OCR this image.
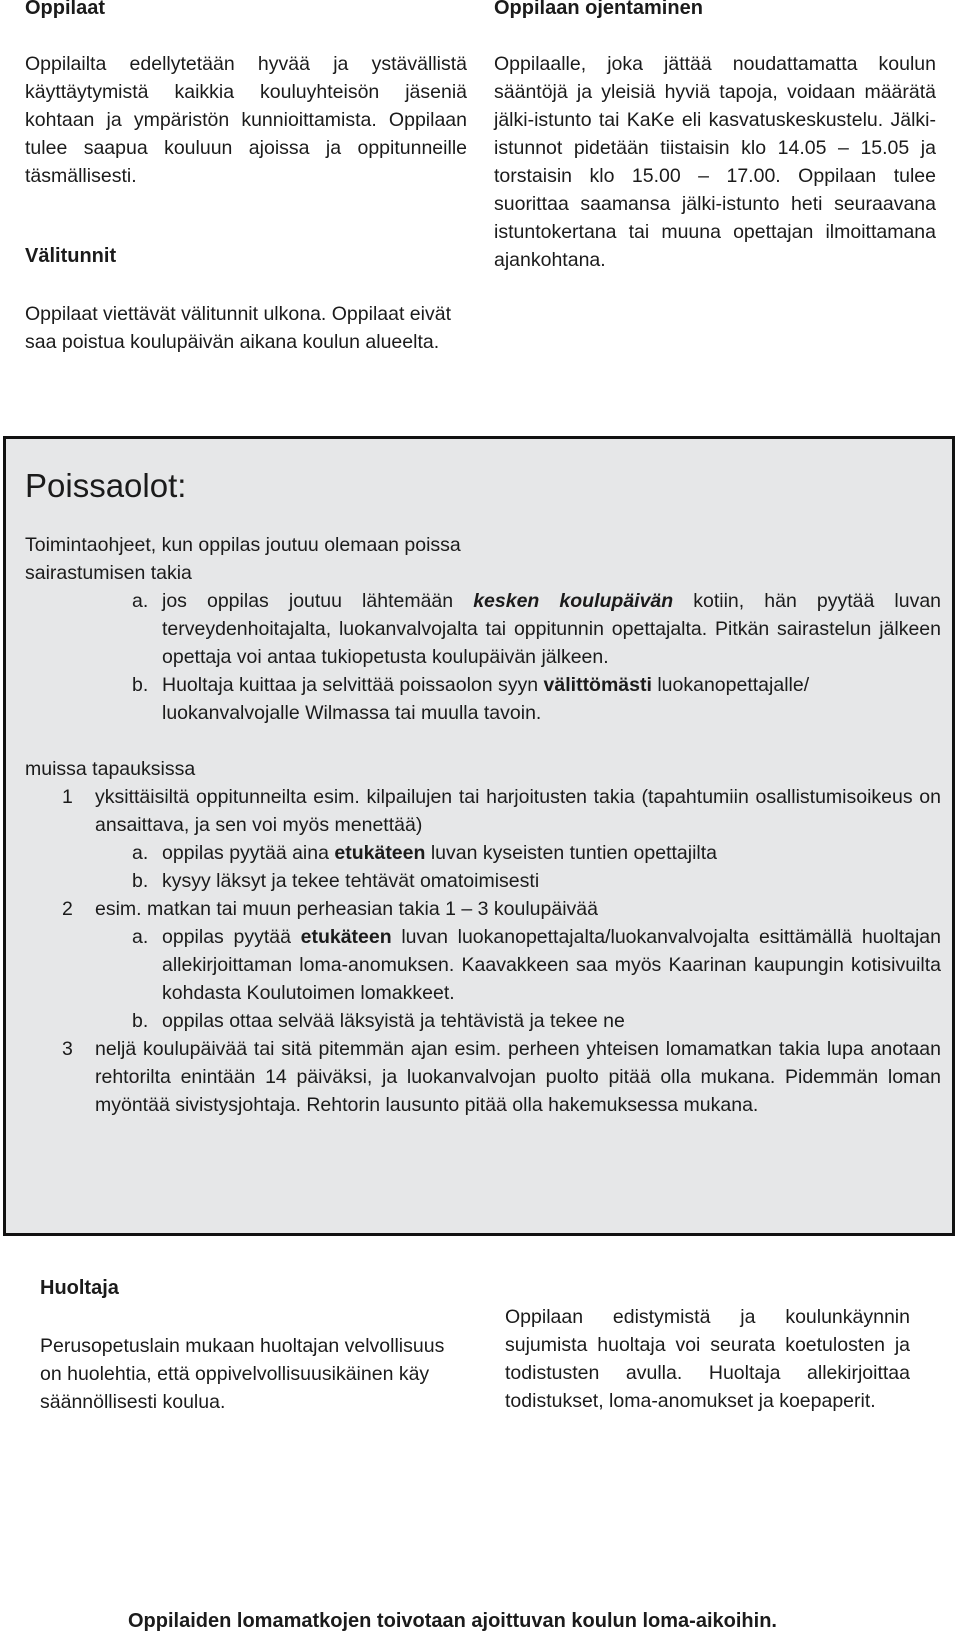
Oppilaat

Oppilailta edellytetään hyvää ja ystävällistä käyttäytymistä kaikkia kouluyhteisön jäseniä kohtaan ja ympäristön kunnioittamista. Oppilaan tulee saapua kouluun ajoissa ja oppitunneille täsmällisesti.

Välitunnit

Oppilaat viettävät välitunnit ulkona. Oppilaat eivät saa poistua koulupäivän aikana koulun alueelta.

Oppilaan ojentaminen

Oppilaalle, joka jättää noudattamatta koulun sääntöjä ja yleisiä hyviä tapoja, voidaan määrätä jälki-istunto tai KaKe eli kasvatuskeskustelu. Jälki-istunnot pidetään tiistaisin klo 14.05 – 15.05 ja torstaisin klo 15.00 – 17.00. Oppilaan tulee suorittaa saamansa jälki-istunto heti seuraavana istuntokertana tai muuna opettajan ilmoittamana ajankohtana.

Poissaolot:

Toimintaohjeet, kun oppilas joutuu olemaan poissa sairastumisen takia

a. jos oppilas joutuu lähtemään kesken koulupäivän kotiin, hän pyytää luvan terveydenhoitajalta, luokanvalvojalta tai oppitunnin opettajalta. Pitkän sairastelun jälkeen opettaja voi antaa tukiopetusta koulupäivän jälkeen.

b. Huoltaja kuittaa ja selvittää poissaolon syyn välittömästi luokanopettajalle/ luokanvalvojalle Wilmassa tai muulla tavoin.

muissa tapauksissa

1 yksittäisiltä oppitunneilta esim. kilpailujen tai harjoitusten takia (tapahtumiin osallistumisoikeus on ansaittava, ja sen voi myös menettää)

a. oppilas pyytää aina etukäteen luvan kyseisten tuntien opettajilta

b. kysyy läksyt ja tekee tehtävät omatoimisesti

2 esim. matkan tai muun perheasian takia 1 – 3 koulupäivää

a. oppilas pyytää etukäteen luvan luokanopettajalta/luokanvalvojalta esittämällä huoltajan allekirjoittaman loma-anomuksen. Kaavakkeen saa myös Kaarinan kaupungin kotisivuilta kohdasta Koulutoimen lomakkeet.

b. oppilas ottaa selvää läksyistä ja tehtävistä ja tekee ne

3 neljä koulupäivää tai sitä pitemmän ajan esim. perheen yhteisen lomamatkan takia lupa anotaan rehtorilta enintään 14 päiväksi, ja luokanvalvojan puolto pitää olla mukana. Pidemmän loman myöntää sivistysjohtaja. Rehtorin lausunto pitää olla hakemuksessa mukana.

Oppilaiden lomamatkojen toivotaan ajoittuvan koulun loma-aikoihin.
Huoltaja

Perusopetuslain mukaan huoltajan velvollisuus on huolehtia, että oppivelvollisuusikäinen käy säännöllisesti koulua.

Oppilaan edistymistä ja koulunkäynnin sujumista huoltaja voi seurata koetulosten ja todistusten avulla. Huoltaja allekirjoittaa todistukset, loma-anomukset ja koepaperit.
